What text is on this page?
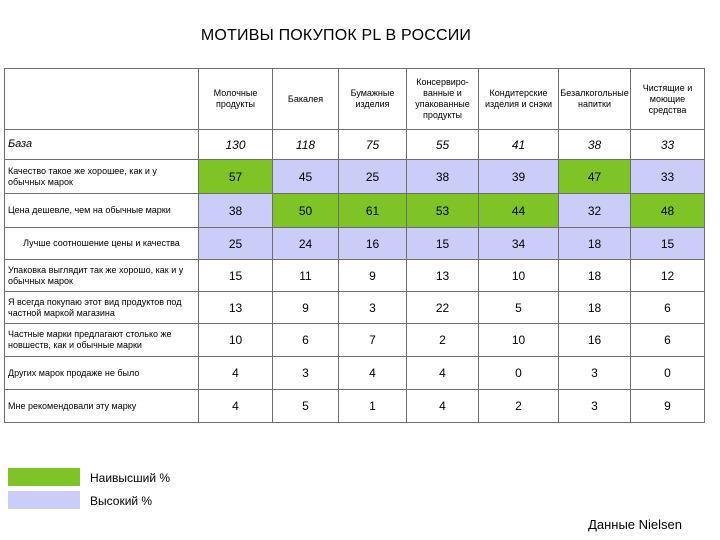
МОТИВЫ ПОКУПОК PL В РОССИИ
	Молочные продукты	Бакалея	Бумажные изделия	Консервированные и упакованные продукты	Кондитерские изделия и снэки	Безалкогольные напитки	Чистящие и моющие средства
База	130	118	75	55	41	38	33
Качество такое же хорошее, как и у обычных марок	57	45	25	38	39	47	33
Цена дешевле, чем на обычные марки	38	50	61	53	44	32	48
Лучше соотношение цены и качества	25	24	16	15	34	18	15
Упаковка выглядит так же хорошо, как и у обычных марок	15	11	9	13	10	18	12
Я всегда покупаю этот вид продуктов под частной маркой магазина	13	9	3	22	5	18	6
Частные марки предлагают столько же новшеств, как и обычные марки	10	6	7	2	10	16	6
Других марок продаже не было	4	3	4	4	0	3	0
Мне рекомендовали эту марку	4	5	1	4	2	3	9
Наивысший %
Высокий %
Данные Nielsen
